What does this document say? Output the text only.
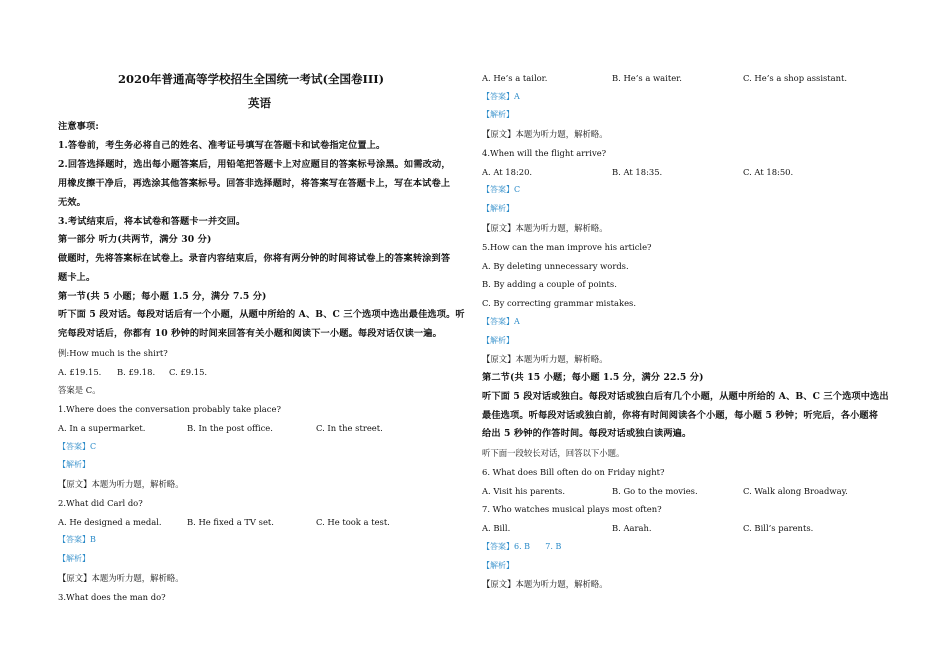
2020年普通高等学校招生全国统一考试(全国卷III)
英语
注意事项:
1.答卷前，考生务必将自己的姓名、准考证号填写在答题卡和试卷指定位置上。
2.回答选择题时，选出每小题答案后，用铅笔把答题卡上对应题目的答案标号涂黑。如需改动，
用橡皮擦干净后，再选涂其他答案标号。回答非选择题时，将答案写在答题卡上，写在本试卷上
无效。
3.考试结束后，将本试卷和答题卡一并交回。
第一部分 听力(共两节，满分 30 分)
做题时，先将答案标在试卷上。录音内容结束后，你将有两分钟的时间将试卷上的答案转涂到答
题卡上。
第一节(共 5 小题；每小题 1.5 分，满分 7.5 分)
听下面 5 段对话。每段对话后有一个小题，从题中所给的 A、B、C 三个选项中选出最佳选项。听
完每段对话后，你都有 10 秒钟的时间来回答有关小题和阅读下一小题。每段对话仅读一遍。
例:How much is the shirt?
A. £19.15. B. £9.18. C. £9.15.
答案是 C。
1.Where does the conversation probably take place?
A. In a supermarket.	B. In the post office.	C. In the street.
【答案】C
【解析】
【原文】本题为听力题，解析略。
2.What did Carl do?
A. He designed a medal.	B. He fixed a TV set.	C. He took a test.
【答案】B
【解析】
【原文】本题为听力题，解析略。
3.What does the man do?
A. He’s a tailor.	B. He’s a waiter.	C. He’s a shop assistant.
【答案】A
【解析】
【原文】本题为听力题，解析略。
4.When will the flight arrive?
A. At 18:20.	B. At 18:35.	C. At 18:50.
【答案】C
【解析】
【原文】本题为听力题，解析略。
5.How can the man improve his article?
A. By deleting unnecessary words.
B. By adding a couple of points.
C. By correcting grammar mistakes.
【答案】A
【解析】
【原文】本题为听力题，解析略。
第二节(共 15 小题；每小题 1.5 分，满分 22.5 分)
听下面 5 段对话或独白。每段对话或独白后有几个小题，从题中所给的 A、B、C 三个选项中选出
最佳选项。听每段对话或独白前，你将有时间阅读各个小题，每小题 5 秒钟；听完后，各小题将
给出 5 秒钟的作答时间。每段对话或独白读两遍。
听下面一段较长对话，回答以下小题。
6. What does Bill often do on Friday night?
A. Visit his parents.	B. Go to the movies.	C. Walk along Broadway.
7. Who watches musical plays most often?
A. Bill.	B. Aarah.	C. Bill’s parents.
【答案】6. B      7. B
【解析】
【原文】本题为听力题，解析略。
